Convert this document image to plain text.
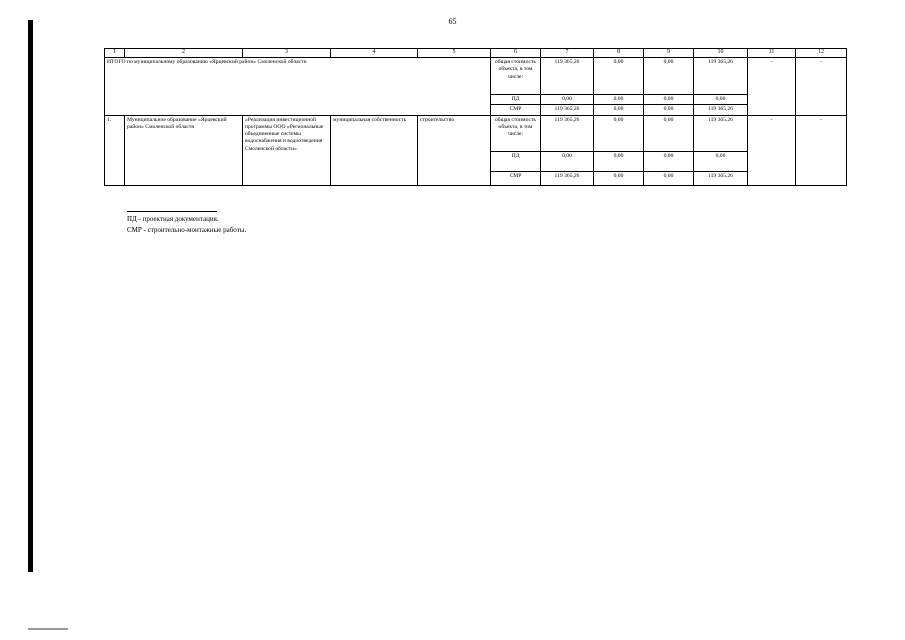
65
1	2	3	4	5	6	7	8	9	10	11	12
ИТОГО по муниципальному образованию «Ярцевский район» Смоленской области					общая стоимость объекта, в том числе:	119 365,26	0,00	0,00	119 365,26	-	-
					ПД	0,00	0,00	0,00	0,00		
					СМР	119 365,26	0,00	0,00	119 365,26		
1.	Муниципальное образование «Ярцевский район» Смоленской области	«Реализация инвестиционной программы ООО «Региональные объединенные системы водоснабжения и водоотведения Смоленской области»	муниципальная собственность	строительство	общая стоимость объекта, в том числе:	119 365,26	0,00	0,00	119 365,26	-	-
					ПД	0,00	0,00	0,00	0,00		
					СМР	119 365,26	0,00	0,00	119 365,26		
ПД - проектная документация.
СМР - строительно-монтажные работы.
